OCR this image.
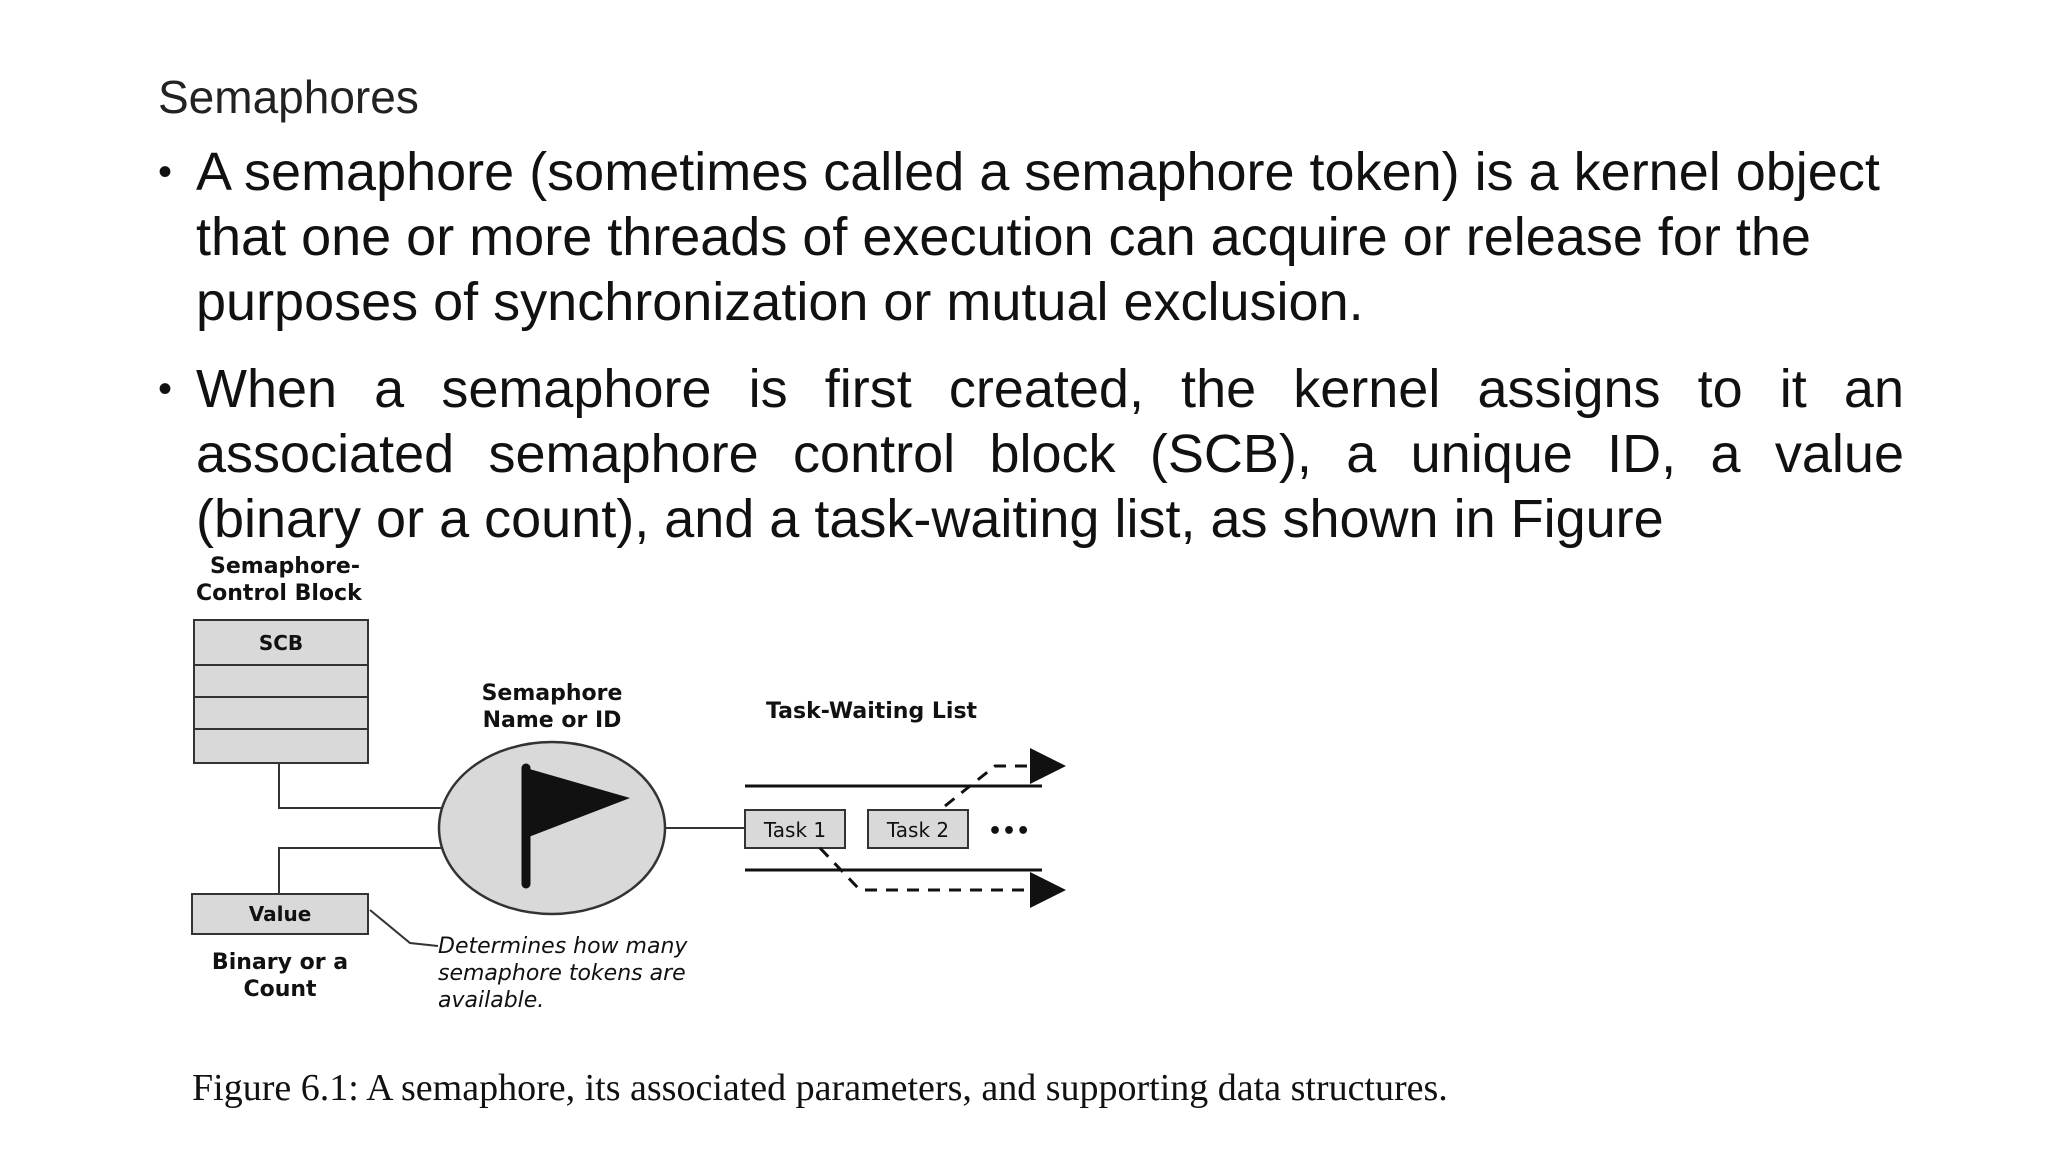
Semaphores
• A semaphore (sometimes called a semaphore token) is a kernel object that one or more threads of execution can acquire or release for the purposes of synchronization or mutual exclusion.
• When a semaphore is first created, the kernel assigns to it an associated semaphore control block (SCB), a unique ID, a value (binary or a count), and a task-waiting list, as shown in Figure
Semaphore-
Control Block
SCB
Semaphore
Name or ID	Task-Waiting List
Task 1	Task 2 •••
Value
Binary or a
Count
Determines how many
semaphore tokens are
available.
Figure 6.1: A semaphore, its associated parameters, and supporting data structures.
